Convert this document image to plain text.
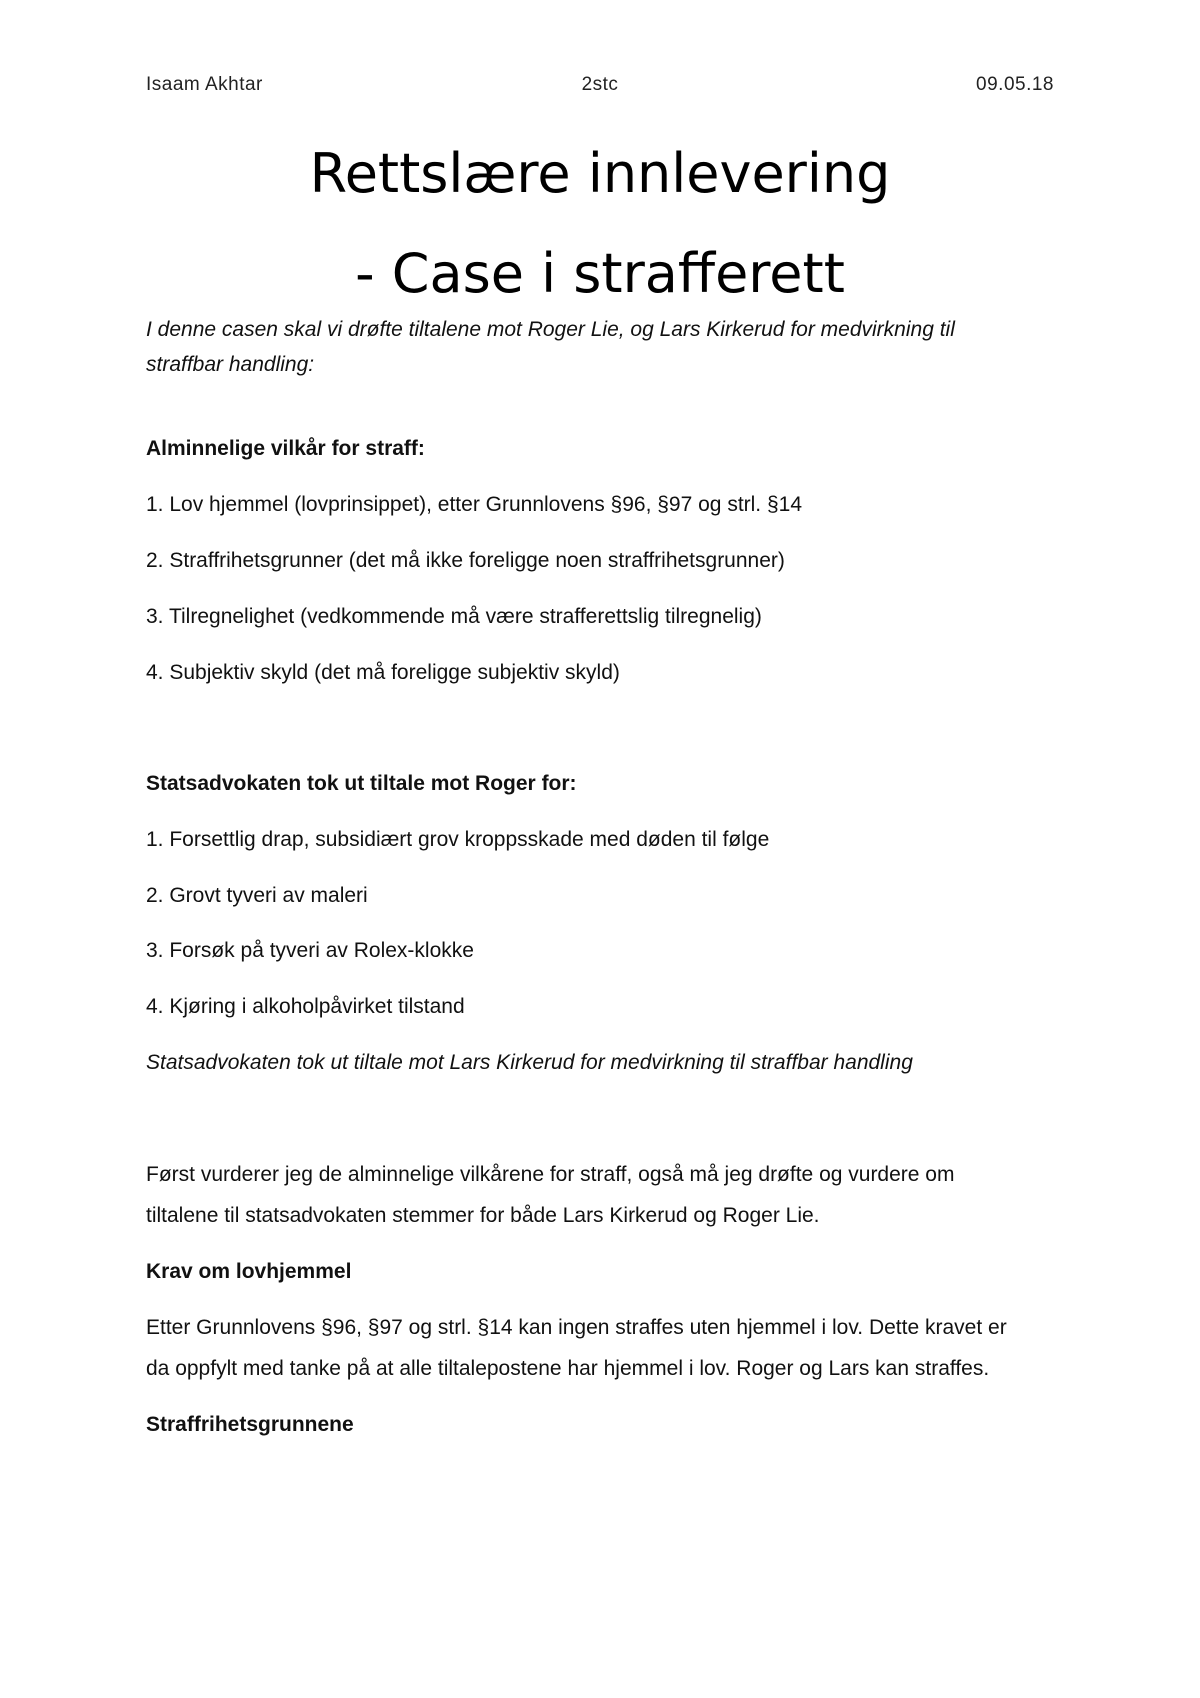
Isaam Akhtar	2stc	09.05.18
Rettslære innlevering
- Case i strafferett
I denne casen skal vi drøfte tiltalene mot Roger Lie, og Lars Kirkerud for medvirkning til
straffbar handling:
Alminnelige vilkår for straff:
1. Lov hjemmel (lovprinsippet), etter Grunnlovens §96, §97 og strl. §14
2. Straffrihetsgrunner (det må ikke foreligge noen straffrihetsgrunner)
3. Tilregnelighet (vedkommende må være strafferettslig tilregnelig)
4. Subjektiv skyld (det må foreligge subjektiv skyld)
Statsadvokaten tok ut tiltale mot Roger for:
1. Forsettlig drap, subsidiært grov kroppsskade med døden til følge
2. Grovt tyveri av maleri
3. Forsøk på tyveri av Rolex-klokke
4. Kjøring i alkoholpåvirket tilstand
Statsadvokaten tok ut tiltale mot Lars Kirkerud for medvirkning til straffbar handling
Først vurderer jeg de alminnelige vilkårene for straff, også må jeg drøfte og vurdere om
tiltalene til statsadvokaten stemmer for både Lars Kirkerud og Roger Lie.
Krav om lovhjemmel
Etter Grunnlovens §96, §97 og strl. §14 kan ingen straffes uten hjemmel i lov. Dette kravet er
da oppfylt med tanke på at alle tiltalepostene har hjemmel i lov. Roger og Lars kan straffes.
Straffrihetsgrunnene
